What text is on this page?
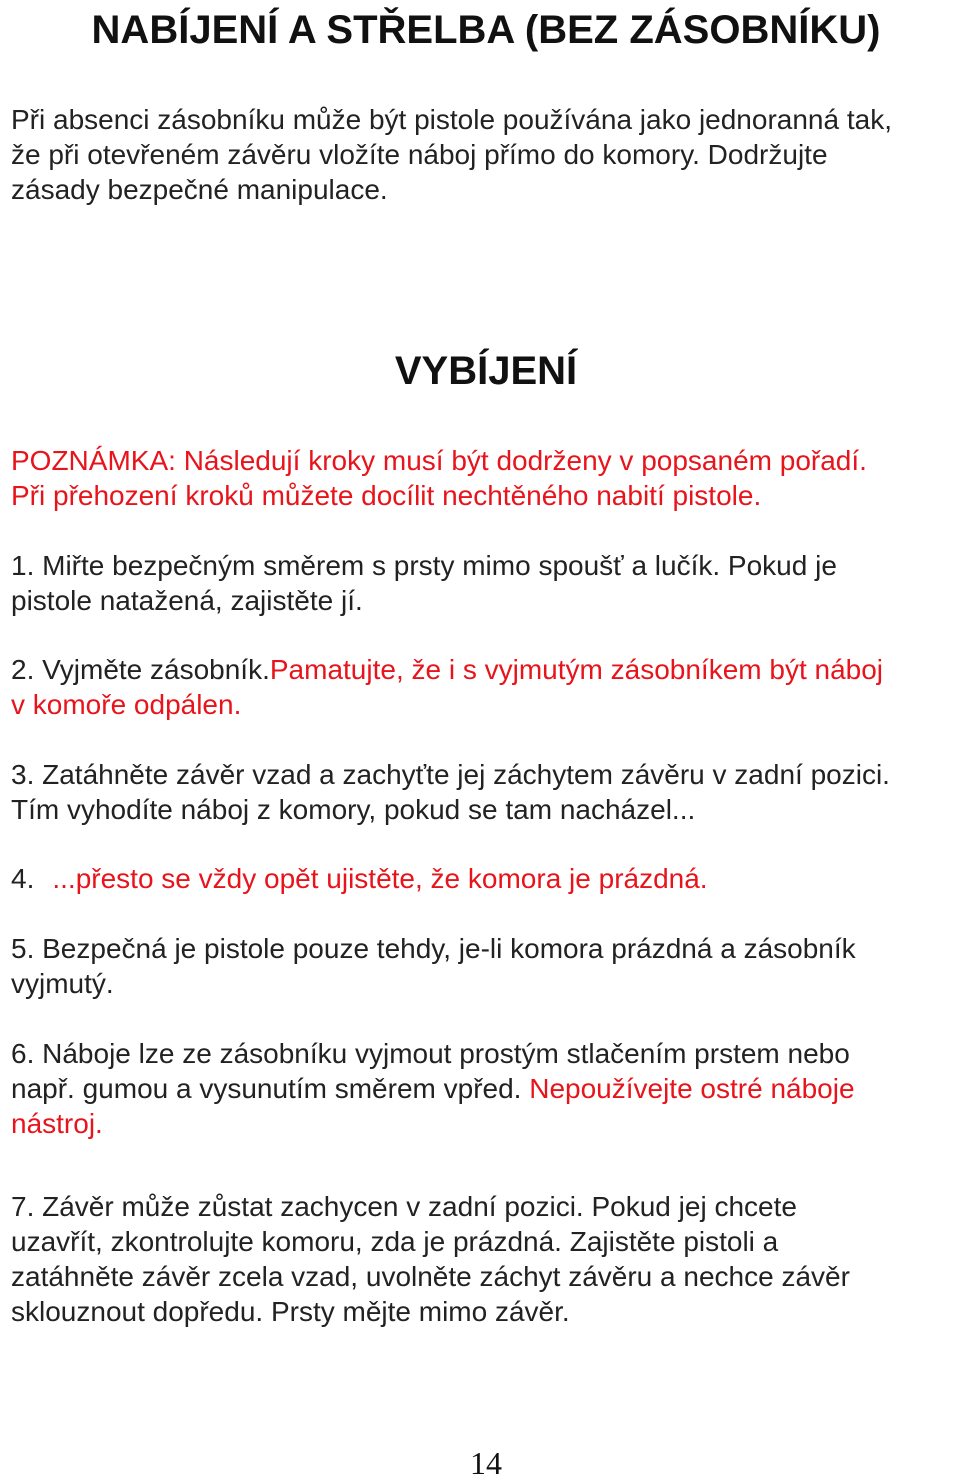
NABÍJENÍ A STŘELBA (BEZ ZÁSOBNÍKU)

Při absenci zásobníku může být pistole používána jako jednoranná tak,

že při otevřeném závěru vložíte náboj přímo do komory. Dodržujte

zásady bezpečné manipulace.

VYBÍJENÍ

POZNÁMKA: Následují kroky musí být dodrženy v popsaném pořadí.

Při přehození kroků můžete docílit nechtěného nabití pistole.

1. Miřte bezpečným směrem s prsty mimo spoušť a lučík. Pokud je

pistole natažená, zajistěte jí.

2. Vyjměte zásobník.Pamatujte, že i s vyjmutým zásobníkem být náboj

v komoře odpálen.

3. Zatáhněte závěr vzad a zachyťte jej záchytem závěru v zadní pozici.

Tím vyhodíte náboj z komory, pokud se tam nacházel...

4. ...přesto se vždy opět ujistěte, že komora je prázdná.

5. Bezpečná je pistole pouze tehdy, je-li komora prázdná a zásobník

vyjmutý.

6. Náboje lze ze zásobníku vyjmout prostým stlačením prstem nebo

např. gumou a vysunutím směrem vpřed. Nepoužívejte ostré náboje

nástroj.

7. Závěr může zůstat zachycen v zadní pozici. Pokud jej chcete

uzavřít, zkontrolujte komoru, zda je prázdná. Zajistěte pistoli a

zatáhněte závěr zcela vzad, uvolněte záchyt závěru a nechce závěr

sklouznout dopředu. Prsty mějte mimo závěr.

14
